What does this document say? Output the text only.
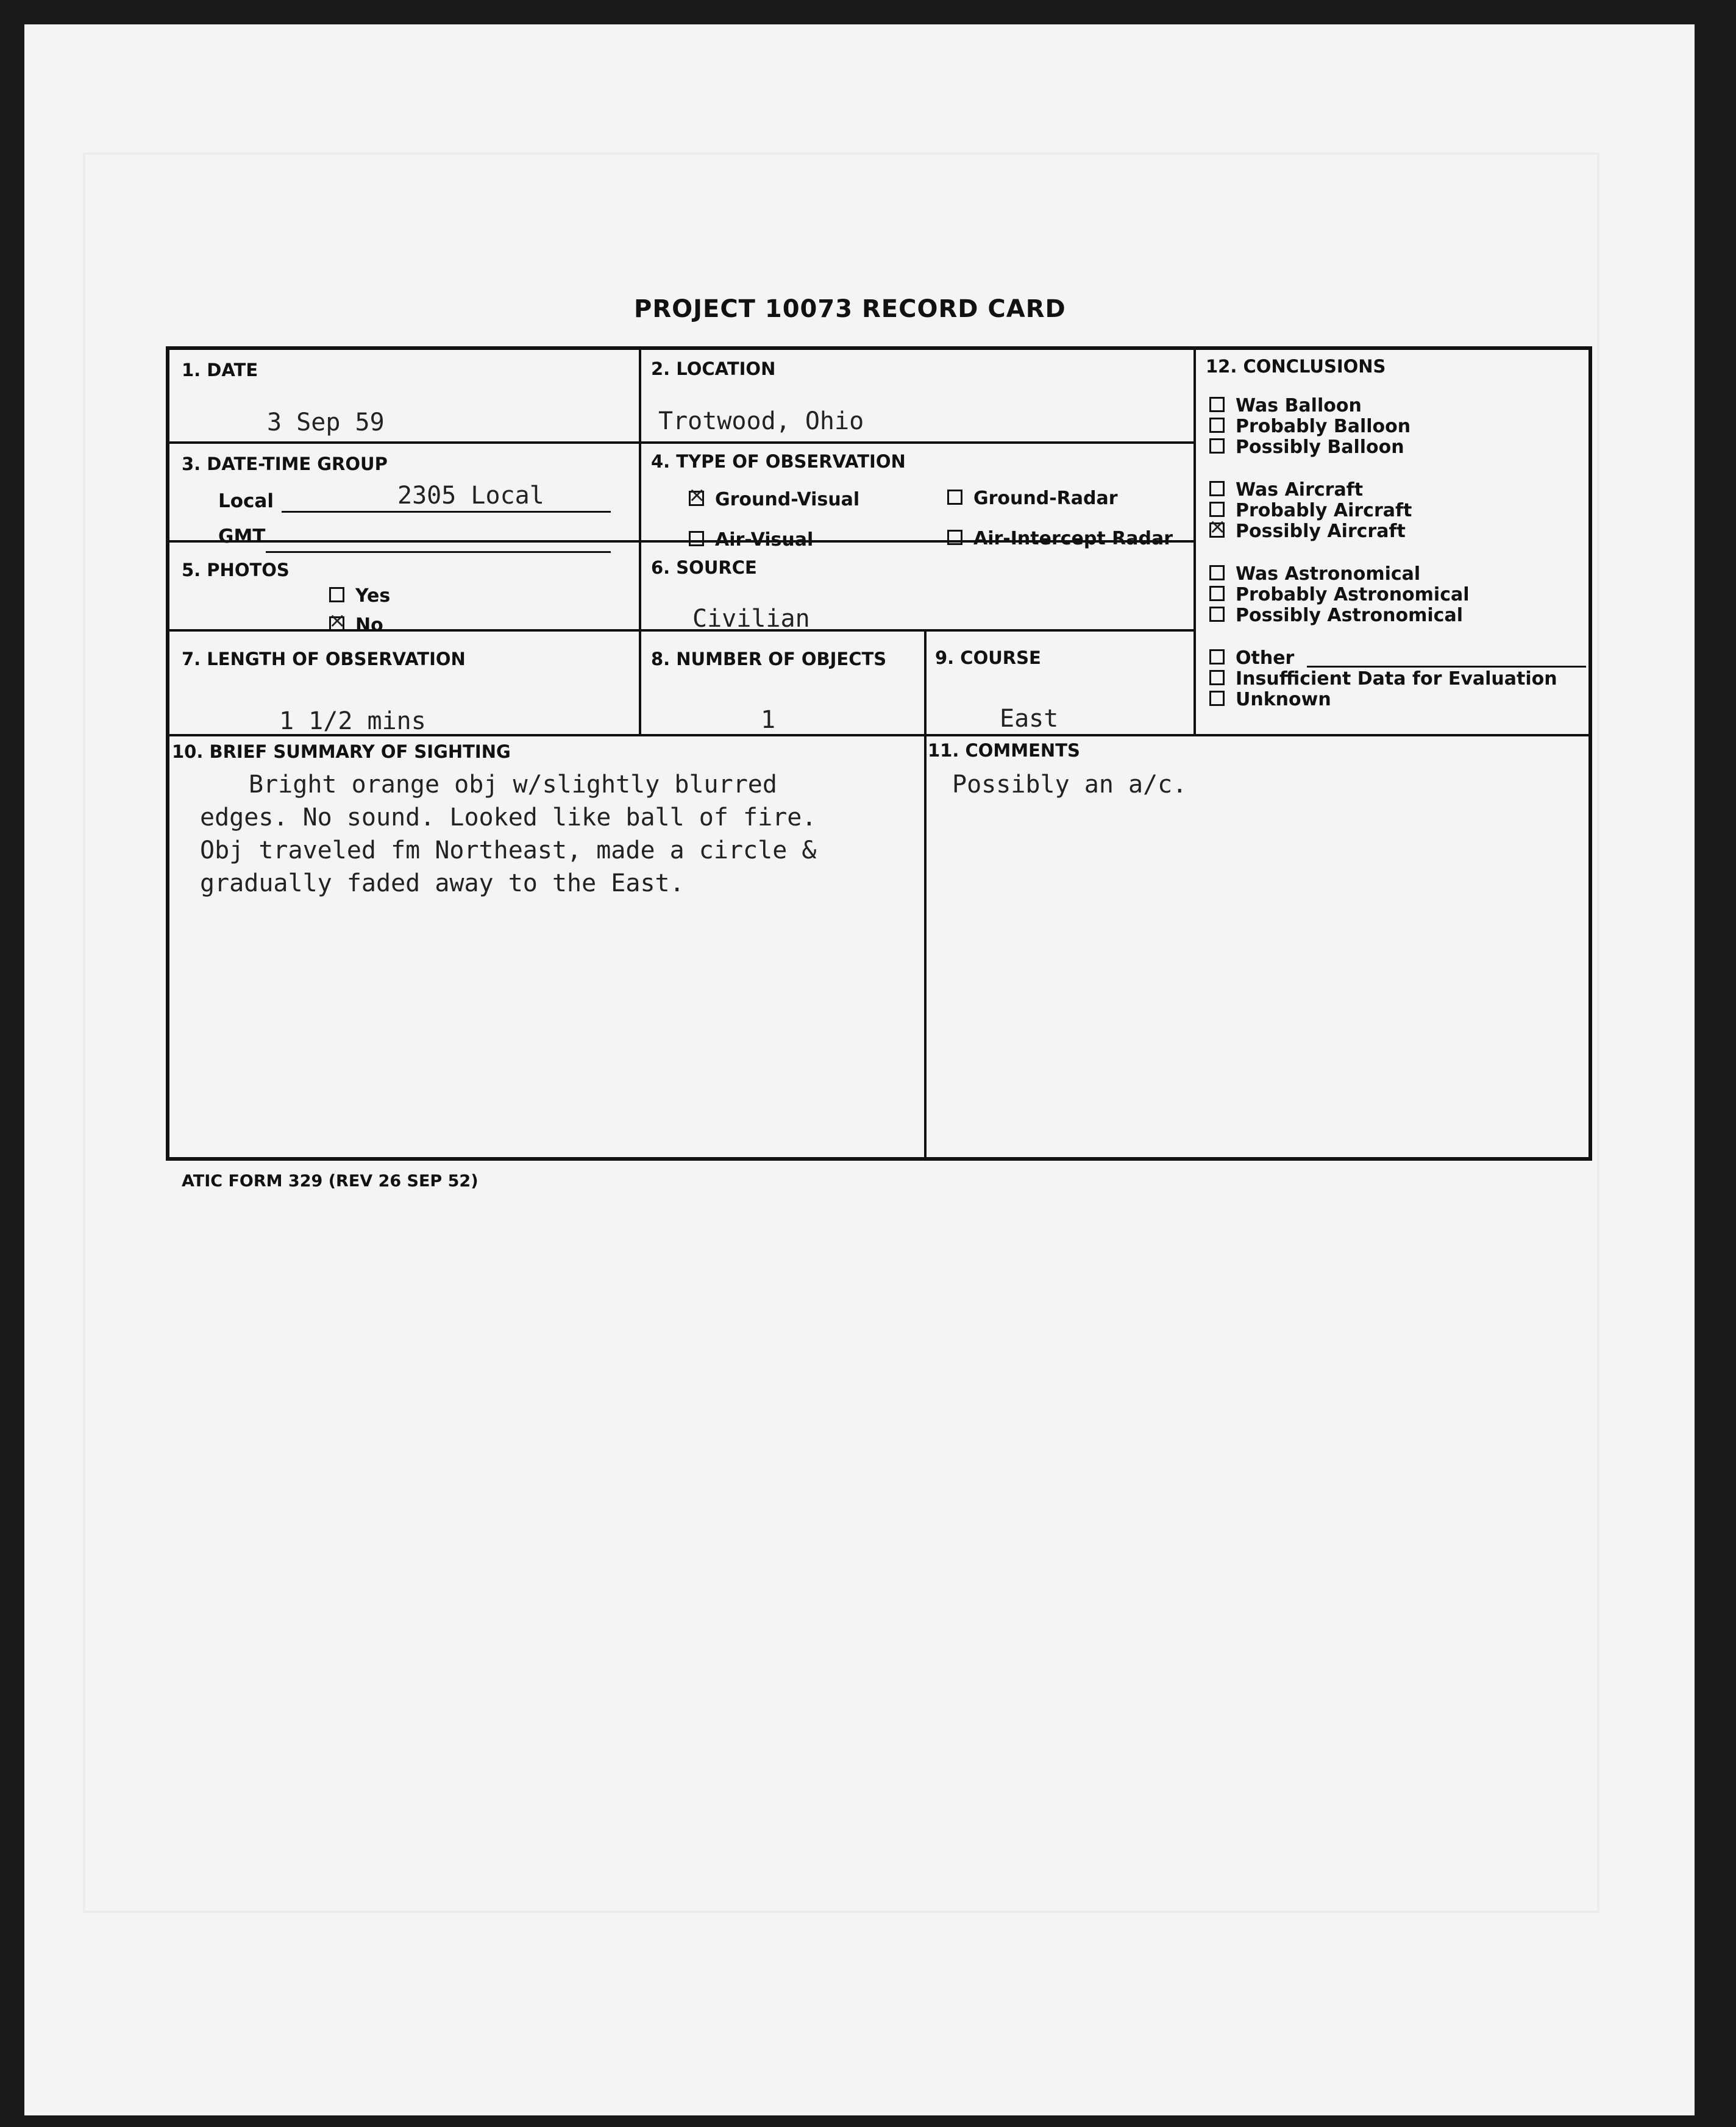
PROJECT 10073 RECORD CARD
1. DATE
3 Sep 59
2. LOCATION
Trotwood, Ohio
3. DATE-TIME GROUP
Local	2305 Local
GMT
4. TYPE OF OBSERVATION
×Ground-Visual	Ground-Radar
Air-Visual	Air-Intercept Radar
5. PHOTOS
Yes
×No
6. SOURCE
Civilian
7. LENGTH OF OBSERVATION
1 1/2 mins
8. NUMBER OF OBJECTS
1
9. COURSE
East
10. BRIEF SUMMARY OF SIGHTING
Bright orange obj w/slightly blurred
edges. No sound. Looked like ball of fire.
Obj traveled fm Northeast, made a circle &
gradually faded away to the East.
11. COMMENTS
Possibly an a/c.
12. CONCLUSIONS
Was Balloon
Probably Balloon
Possibly Balloon
Was Aircraft
Probably Aircraft
×Possibly Aircraft
Was Astronomical
Probably Astronomical
Possibly Astronomical
Other
Insufficient Data for Evaluation
Unknown
ATIC FORM 329 (REV 26 SEP 52)
